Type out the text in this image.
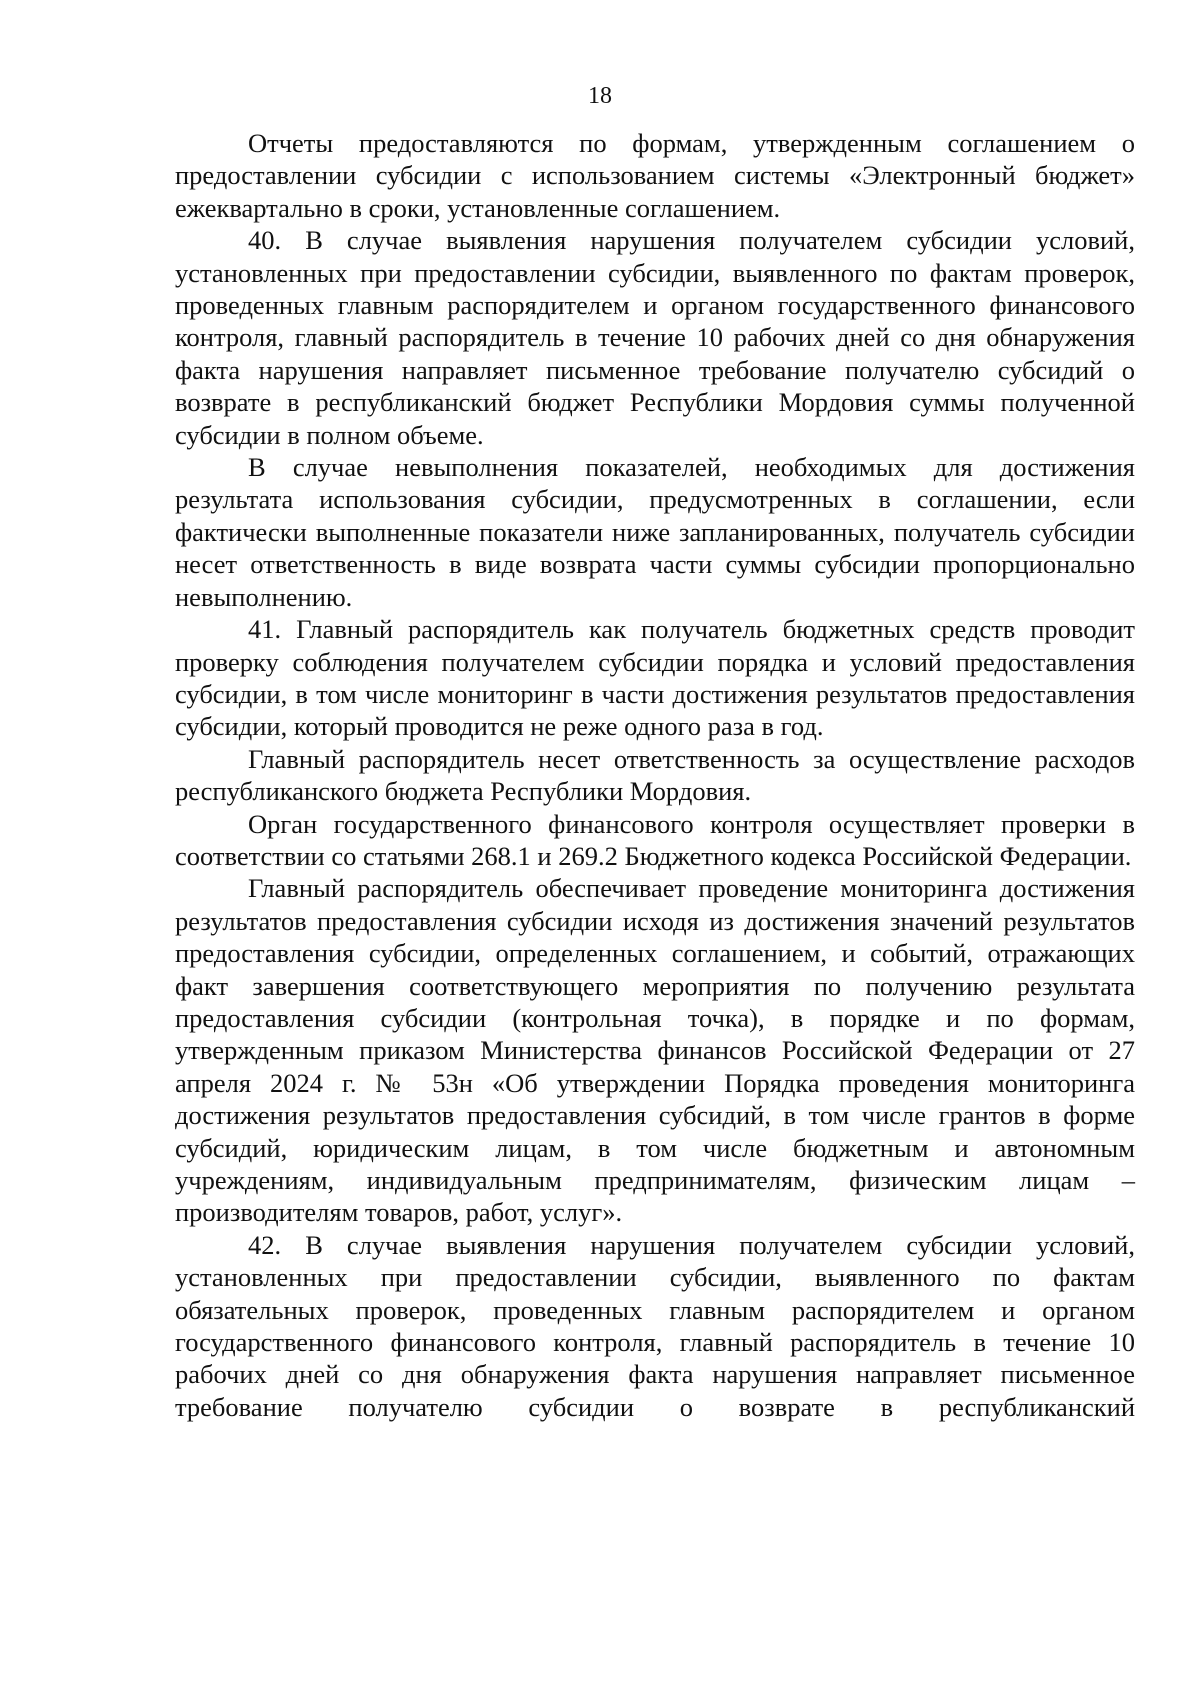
18

Отчеты предоставляются по формам, утвержденным соглашением о предоставлении субсидии с использованием системы «Электронный бюджет» ежеквартально в сроки, установленные соглашением.

40. В случае выявления нарушения получателем субсидии условий, установленных при предоставлении субсидии, выявленного по фактам проверок, проведенных главным распорядителем и органом государственного финансового контроля, главный распорядитель в течение 10 рабочих дней со дня обнаружения факта нарушения направляет письменное требование получателю субсидий о возврате в республиканский бюджет Республики Мордовия суммы полученной субсидии в полном объеме.

В случае невыполнения показателей, необходимых для достижения результата использования субсидии, предусмотренных в соглашении, если фактически выполненные показатели ниже запланированных, получатель субсидии несет ответственность в виде возврата части суммы субсидии пропорционально невыполнению.

41. Главный распорядитель как получатель бюджетных средств проводит проверку соблюдения получателем субсидии порядка и условий предоставления субсидии, в том числе мониторинг в части достижения результатов предоставления субсидии, который проводится не реже одного раза в год.

Главный распорядитель несет ответственность за осуществление расходов республиканского бюджета Республики Мордовия.

Орган государственного финансового контроля осуществляет проверки в соответствии со статьями 268.1 и 269.2 Бюджетного кодекса Российской Федерации.

Главный распорядитель обеспечивает проведение мониторинга достижения результатов предоставления субсидии исходя из достижения значений результатов предоставления субсидии, определенных соглашением, и событий, отражающих факт завершения соответствующего мероприятия по получению результата предоставления субсидии (контрольная точка), в порядке и по формам, утвержденным приказом Министерства финансов Российской Федерации от 27 апреля 2024 г. № 53н «Об утверждении Порядка проведения мониторинга достижения результатов предоставления субсидий, в том числе грантов в форме субсидий, юридическим лицам, в том числе бюджетным и автономным учреждениям, индивидуальным предпринимателям, физическим лицам – производителям товаров, работ, услуг».

42. В случае выявления нарушения получателем субсидии условий, установленных при предоставлении субсидии, выявленного по фактам обязательных проверок, проведенных главным распорядителем и органом государственного финансового контроля, главный распорядитель в течение 10 рабочих дней со дня обнаружения факта нарушения направляет письменное требование получателю субсидии о возврате в республиканский
